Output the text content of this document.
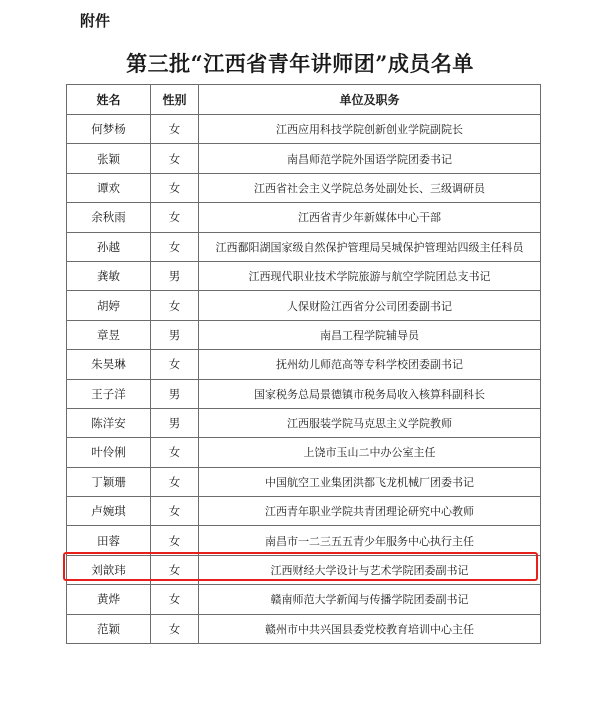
附件
第三批“江西省青年讲师团”成员名单
姓名	性别	单位及职务
何梦杨	女	江西应用科技学院创新创业学院副院长
张颖	女	南昌师范学院外国语学院团委书记
谭欢	女	江西省社会主义学院总务处副处长、三级调研员
余秋雨	女	江西省青少年新媒体中心干部
孙越	女	江西鄱阳湖国家级自然保护管理局吴城保护管理站四级主任科员
龚敏	男	江西现代职业技术学院旅游与航空学院团总支书记
胡婷	女	人保财险江西省分公司团委副书记
章昱	男	南昌工程学院辅导员
朱昊琳	女	抚州幼儿师范高等专科学校团委副书记
王子洋	男	国家税务总局景德镇市税务局收入核算科副科长
陈洋安	男	江西服装学院马克思主义学院教师
叶伶俐	女	上饶市玉山二中办公室主任
丁颖珊	女	中国航空工业集团洪都飞龙机械厂团委书记
卢婉琪	女	江西青年职业学院共青团理论研究中心教师
田蓉	女	南昌市一二三五五青少年服务中心执行主任
刘歆玮	女	江西财经大学设计与艺术学院团委副书记
黄烨	女	赣南师范大学新闻与传播学院团委副书记
范颖	女	赣州市中共兴国县委党校教育培训中心主任
